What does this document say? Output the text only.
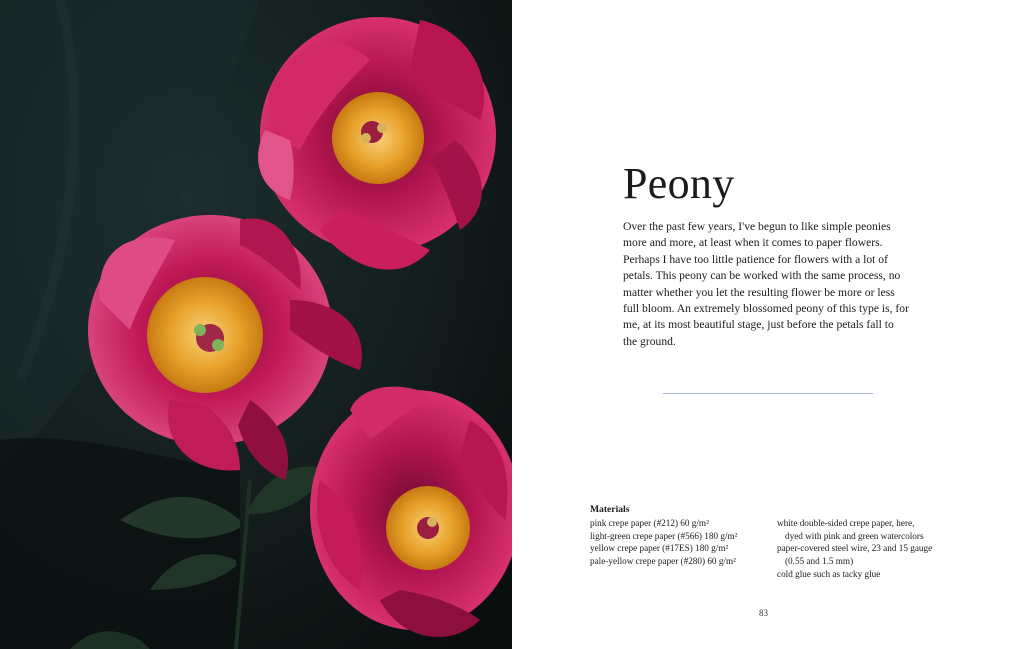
Peony

Over the past few years, I've begun to like simple peonies
more and more, at least when it comes to paper flowers.
Perhaps I have too little patience for flowers with a lot of
petals. This peony can be worked with the same process, no
matter whether you let the resulting flower be more or less
full bloom. An extremely blossomed peony of this type is, for
me, at its most beautiful stage, just before the petals fall to
the ground.

Materials
pink crepe paper (#212) 60 g/m²
light-green crepe paper (#566) 180 g/m²
yellow crepe paper (#17ES) 180 g/m²
pale-yellow crepe paper (#280) 60 g/m²
white double-sided crepe paper, here,
dyed with pink and green watercolors
paper-covered steel wire, 23 and 15 gauge
(0.55 and 1.5 mm)
cold glue such as tacky glue
83
